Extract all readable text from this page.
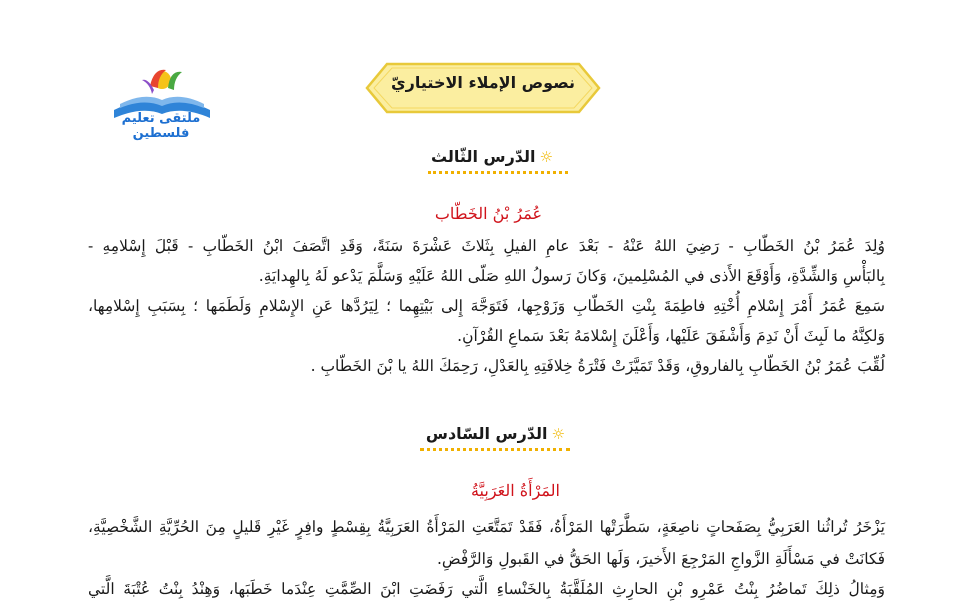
ملتقى تعليم فلسطين
نصوص الإملاء الاختياريّ
☼الدّرس الثّالث
عُمَرُ بْنُ الخَطّاب
وُلِدَ عُمَرُ بْنُ الخَطّابِ - رَضِيَ اللهُ عَنْهُ - بَعْدَ عامِ الفيلِ بِثَلاثَ عَشْرَةَ سَنَةً، وَقَدِ اتَّصَفَ ابْنُ الخَطّابِ - قَبْلَ إِسْلامِهِ -
بِالبَأْسِ وَالشِّدَّةِ، وَأَوْقَعَ الأَذى في المُسْلِمينَ، وَكانَ رَسولُ اللهِ صَلّى اللهُ عَلَيْهِ وَسَلَّمَ يَدْعو لَهُ بِالهِدايَةِ.
سَمِعَ عُمَرُ أَمْرَ إِسْلامِ أُخْتِهِ فاطِمَةَ بِنْتِ الخَطّابِ وَزَوْجِها، فَتَوَجَّهَ إِلى بَيْتِهِما ؛ لِيَرُدَّها عَنِ الإِسْلامِ وَلَطَمَها ؛ بِسَبَبِ إِسْلامِها،
وَلكِنَّهُ ما لَبِثَ أَنْ نَدِمَ وَأَشْفَقَ عَلَيْها، وَأَعْلَنَ إِسْلامَهُ بَعْدَ سَماعِ القُرْآنِ.
لُقِّبَ عُمَرُ بْنُ الخَطّابِ بِالفاروقِ، وَقَدْ تَمَيَّزَتْ فَتْرَةُ خِلافَتِهِ بِالعَدْلِ، رَحِمَكَ اللهُ يا بْنَ الخَطّابِ .
☼الدّرس السّادس
المَرْأَةُ العَرَبِيَّةُ
يَزْخَرُ تُراثُنا العَرَبِيُّ بِصَفَحاتٍ ناصِعَةٍ، سَطَّرَتْها المَرْأَةُ، فَقَدْ تَمَتَّعَتِ المَرْأَةُ العَرَبِيَّةُ بِقِسْطٍ وافِرٍ غَيْرِ قَليلٍ مِنَ الحُرِّيَّةِ الشَّخْصِيَّةِ،
فَكانَتْ في مَسْأَلَةِ الزَّواجِ المَرْجِعَ الأَخيرَ، وَلَها الحَقُّ في القَبولِ وَالرَّفْضِ.
وَمِثالُ ذلِكَ تَماضُرُ بِنْتُ عَمْرِو بْنِ الحارِثِ المُلَقَّبَةُ بِالخَنْساءِ الَّتي رَفَضَتِ ابْنَ الصِّمَّتِ عِنْدَما خَطَبَها، وَهِنْدُ بِنْتُ عُتْبَةَ الَّتي
